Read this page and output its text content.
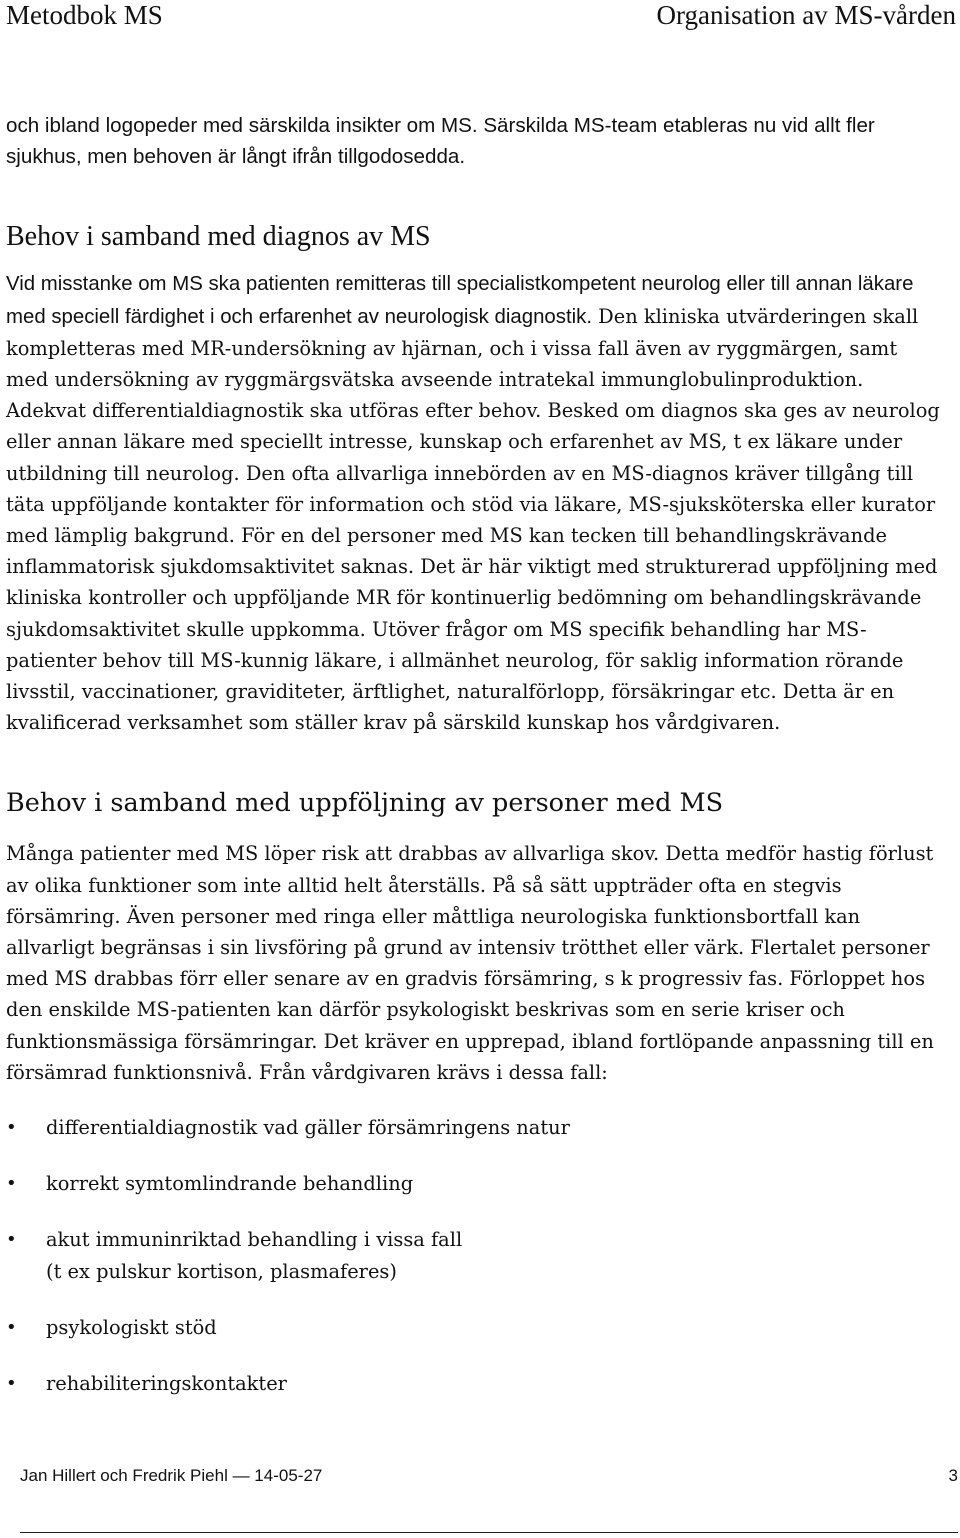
Metodbok MS	Organisation av MS-vården

och ibland logopeder med särskilda insikter om MS. Särskilda MS-team etableras nu vid allt fler sjukhus, men behoven är långt ifrån tillgodosedda.

Behov i samband med diagnos av MS

Vid misstanke om MS ska patienten remitteras till specialistkompetent neurolog eller till annan läkare med speciell färdighet i och erfarenhet av neurologisk diagnostik. Den kliniska utvärderingen skall kompletteras med MR-undersökning av hjärnan, och i vissa fall även av ryggmärgen, samt med undersökning av ryggmärgsvätska avseende intratekal immunglobulinproduktion. Adekvat differentialdiagnostik ska utföras efter behov. Besked om diagnos ska ges av neurolog eller annan läkare med speciellt intresse, kunskap och erfarenhet av MS, t ex läkare under utbildning till neurolog. Den ofta allvarliga innebörden av en MS-diagnos kräver tillgång till täta uppföljande kontakter för information och stöd via läkare, MS-sjuksköterska eller kurator med lämplig bakgrund. För en del personer med MS kan tecken till behandlingskrävande inflammatorisk sjukdomsaktivitet saknas. Det är här viktigt med strukturerad uppföljning med kliniska kontroller och uppföljande MR för kontinuerlig bedömning om behandlingskrävande sjukdomsaktivitet skulle uppkomma. Utöver frågor om MS specifik behandling har MS-patienter behov till MS-kunnig läkare, i allmänhet neurolog, för saklig information rörande livsstil, vaccinationer, graviditeter, ärftlighet, naturalförlopp, försäkringar etc. Detta är en kvalificerad verksamhet som ställer krav på särskild kunskap hos vårdgivaren.

Behov i samband med uppföljning av personer med MS

Många patienter med MS löper risk att drabbas av allvarliga skov. Detta medför hastig förlust av olika funktioner som inte alltid helt återställs. På så sätt uppträder ofta en stegvis försämring. Även personer med ringa eller måttliga neurologiska funktionsbortfall kan allvarligt begränsas i sin livsföring på grund av intensiv trötthet eller värk. Flertalet personer med MS drabbas förr eller senare av en gradvis försämring, s k progressiv fas. Förloppet hos den enskilde MS-patienten kan därför psykologiskt beskrivas som en serie kriser och funktionsmässiga försämringar. Det kräver en upprepad, ibland fortlöpande anpassning till en försämrad funktionsnivå. Från vårdgivaren krävs i dessa fall:

• differentialdiagnostik vad gäller försämringens natur
• korrekt symtomlindrande behandling
• akut immuninriktad behandling i vissa fall
(t ex pulskur kortison, plasmaferes)
• psykologiskt stöd
• rehabiliteringskontakter
Jan Hillert och Fredrik Piehl — 14-05-27	3
